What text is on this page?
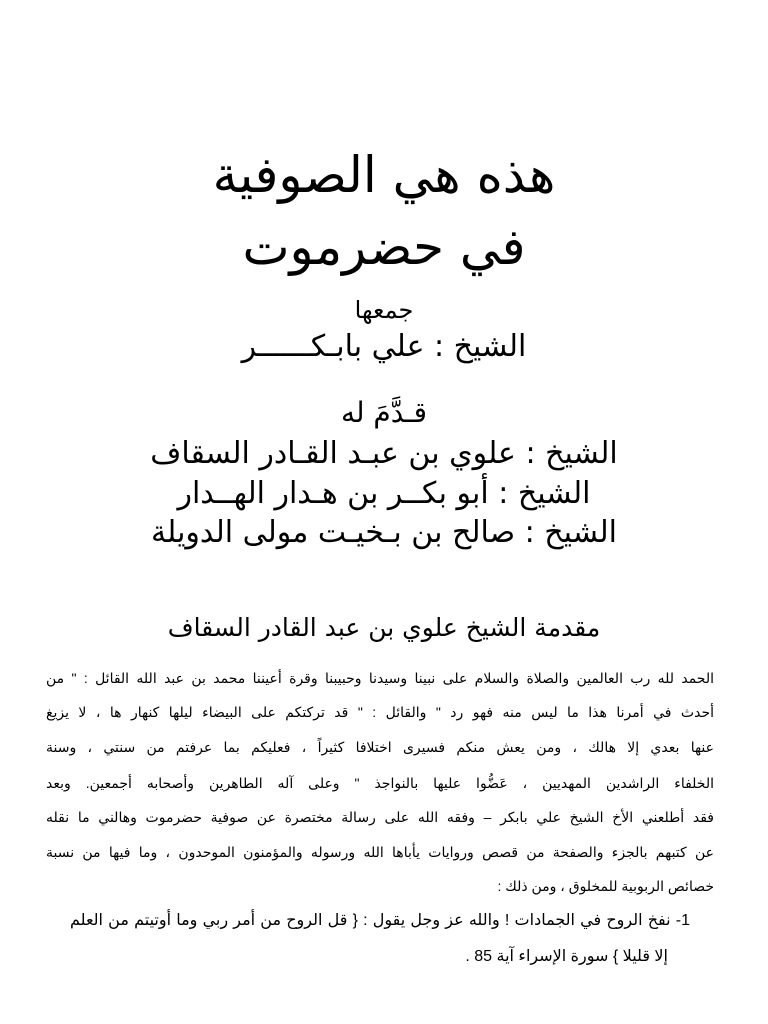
هذه هي الصوفية
في حضرموت
جمعها
الشيخ : علي بابـكــــــر
قـدَّمَ له
الشيخ : علوي بن عبـد القـادر السقاف
الشيخ : أبو بكــر بن هـدار الهــدار
الشيخ : صالح بن بـخيـت مولى الدويلة
مقدمة الشيخ علوي بن عبد القادر السقاف
الحمد لله رب العالمين والصلاة والسلام على نبينا وسيدنا وحبيبنا وقرة أعيننا محمد بن عبد الله القائل : " من
أحدث في أمرنا هذا ما ليس منه فهو رد " والقائل : " قد تركتكم على البيضاء ليلها كنهار ها ، لا يزيغ
عنها بعدي إلا هالك ، ومن يعش منكم فسيرى اختلافا كثيراً ، فعليكم بما عرفتم من سنتي ، وسنة
الخلفاء الراشدين المهديين ، عَضُّوا عليها بالنواجذ " وعلى آله الطاهرين وأصحابه أجمعين. وبعد
فقد أطلعني الأخ الشيخ علي بابكر – وفقه الله على رسالة مختصرة عن صوفية حضرموت وهالني ما نقله
عن كتبهم بالجزء والصفحة من قصص وروايات يأباها الله ورسوله والمؤمنون الموحدون ، وما فيها من نسبة
خصائص الربوبية للمخلوق ، ومن ذلك :
1- نفخ الروح في الجمادات ! والله عز وجل يقول : { قل الروح من أمر ربي وما أوتيتم من العلم
إلا قليلا } سورة الإسراء آية 85 .
